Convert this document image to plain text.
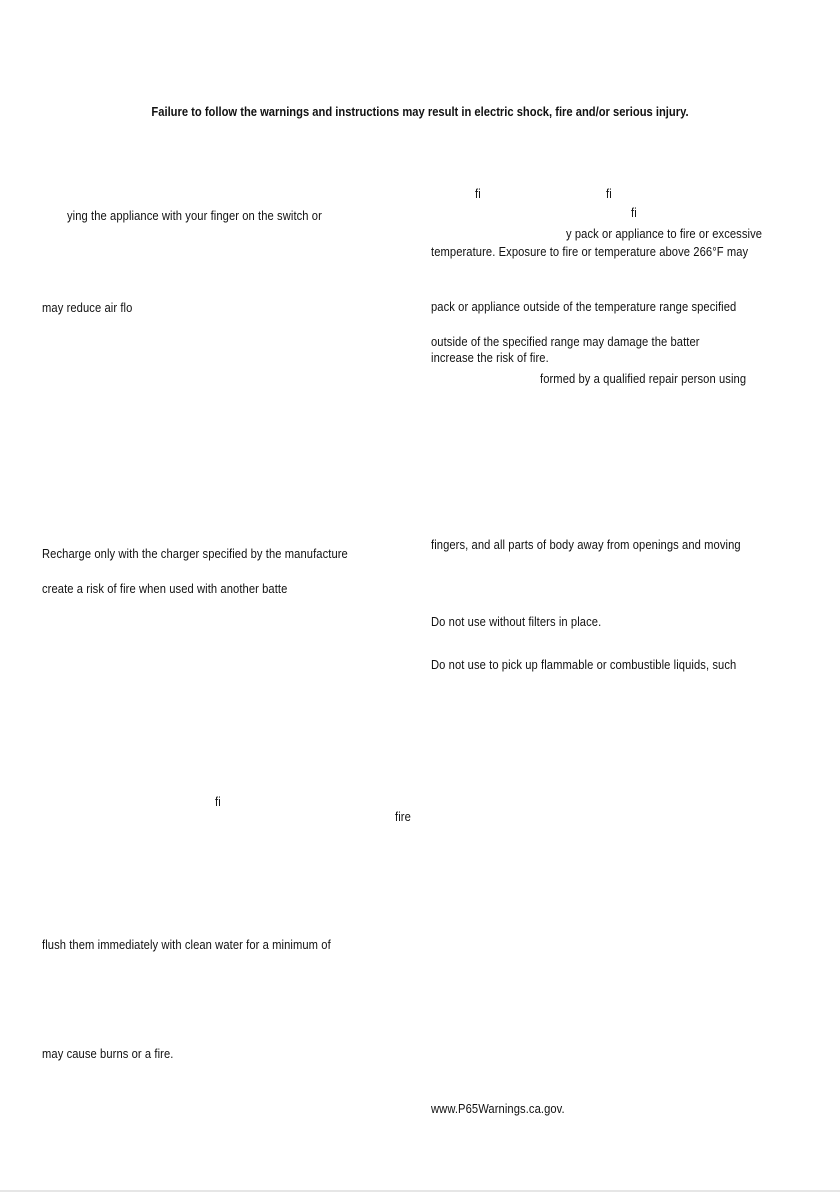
Failure to follow the warnings and instructions may result in electric shock, fire and/or serious injury.
ying the appliance with your finger on the switch or
may reduce air flo
Recharge only with the charger specified by the manufacture
create a risk of fire when used with another batte
fi
fire
flush them immediately with clean water for a minimum of
may cause burns or a fire.
fi	fi
fi
y pack or appliance to fire or excessive
temperature. Exposure to fire or temperature above 266°F may
pack or appliance outside of the temperature range specified
outside of the specified range may damage the batter
increase the risk of fire.
formed by a qualified repair person using
fingers, and all parts of body away from openings and moving
Do not use without filters in place.
Do not use to pick up flammable or combustible liquids, such
www.P65Warnings.ca.gov.
